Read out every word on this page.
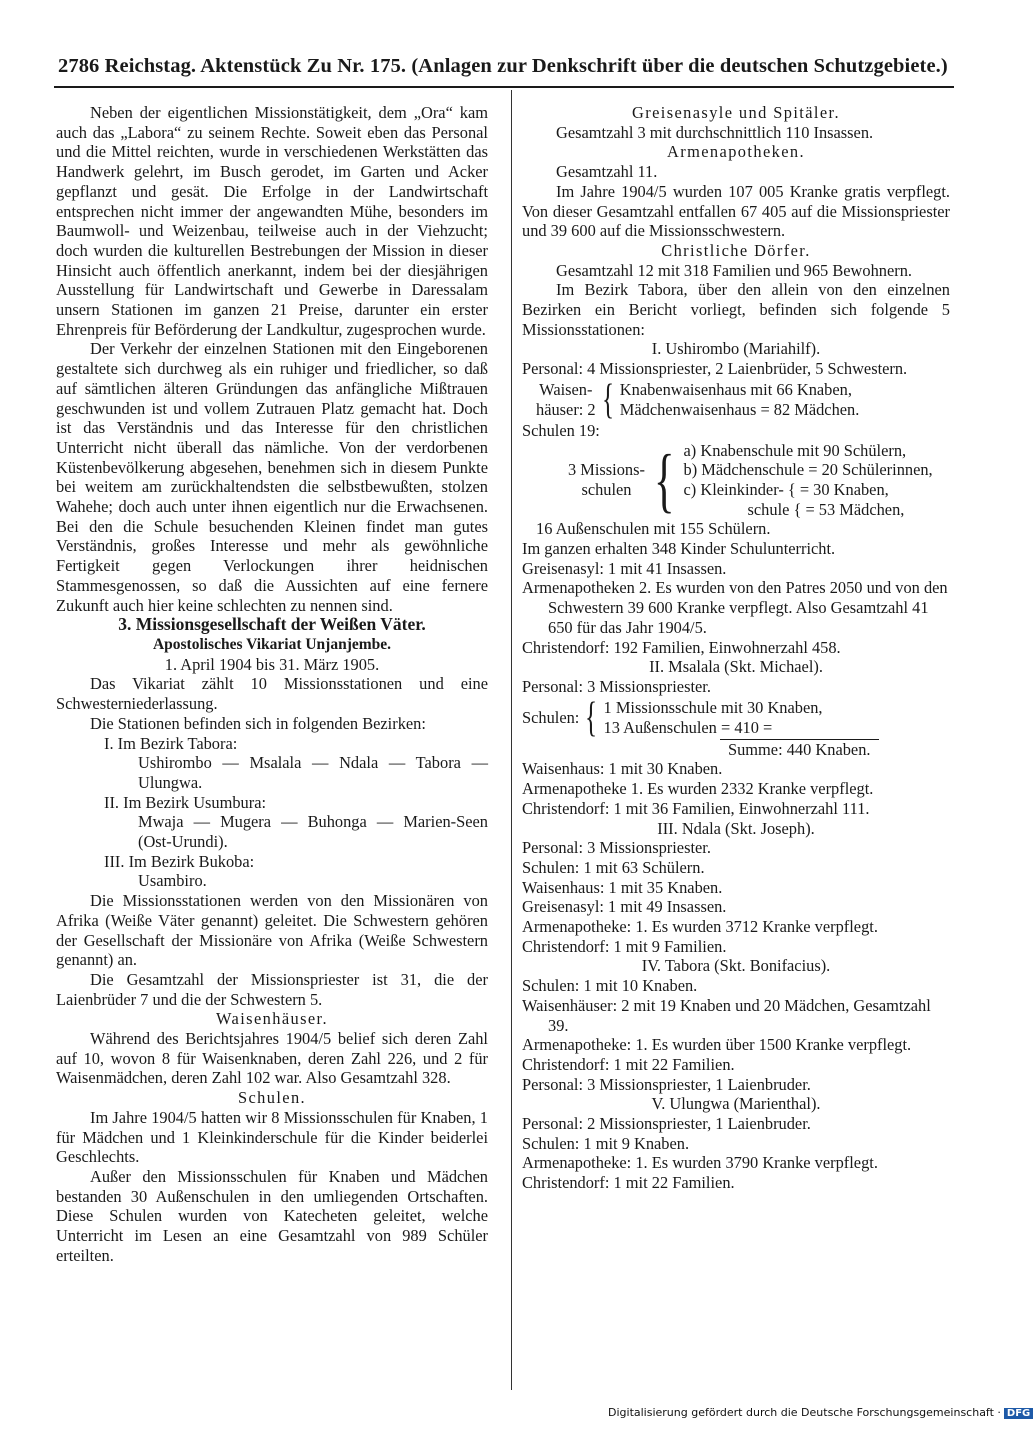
2786 Reichstag. Aktenstück Zu Nr. 175. (Anlagen zur Denkschrift über die deutschen Schutzgebiete.)

Neben der eigentlichen Missionstätigkeit, dem „Ora“ kam auch das „Labora“ zu seinem Rechte. Soweit eben das Personal und die Mittel reichten, wurde in verschiedenen Werkstätten das Handwerk gelehrt, im Busch gerodet, im Garten und Acker gepflanzt und gesät. Die Erfolge in der Landwirtschaft entsprechen nicht immer der angewandten Mühe, besonders im Baumwoll- und Weizenbau, teilweise auch in der Viehzucht; doch wurden die kulturellen Bestrebungen der Mission in dieser Hinsicht auch öffentlich anerkannt, indem bei der diesjährigen Ausstellung für Landwirtschaft und Gewerbe in Daressalam unsern Stationen im ganzen 21 Preise, darunter ein erster Ehrenpreis für Beförderung der Landkultur, zugesprochen wurde.

Der Verkehr der einzelnen Stationen mit den Eingeborenen gestaltete sich durchweg als ein ruhiger und friedlicher, so daß auf sämtlichen älteren Gründungen das anfängliche Mißtrauen geschwunden ist und vollem Zutrauen Platz gemacht hat. Doch ist das Verständnis und das Interesse für den christlichen Unterricht nicht überall das nämliche. Von der verdorbenen Küstenbevölkerung abgesehen, benehmen sich in diesem Punkte bei weitem am zurückhaltendsten die selbstbewußten, stolzen Wahehe; doch auch unter ihnen eigentlich nur die Erwachsenen. Bei den die Schule besuchenden Kleinen findet man gutes Verständnis, großes Interesse und mehr als gewöhnliche Fertigkeit gegen Verlockungen ihrer heidnischen Stammesgenossen, so daß die Aussichten auf eine fernere Zukunft auch hier keine schlechten zu nennen sind.

3. Missionsgesellschaft der Weißen Väter.

Apostolisches Vikariat Unjanjembe.

1. April 1904 bis 31. März 1905.

Das Vikariat zählt 10 Missionsstationen und eine Schwesterniederlassung.

Die Stationen befinden sich in folgenden Bezirken:

I. Im Bezirk Tabora:

Ushirombo — Msalala — Ndala — Tabora — Ulungwa.

II. Im Bezirk Usumbura:

Mwaja — Mugera — Buhonga — Marien-Seen (Ost-Urundi).

III. Im Bezirk Bukoba:

Usambiro.

Die Missionsstationen werden von den Missionären von Afrika (Weiße Väter genannt) geleitet. Die Schwestern gehören der Gesellschaft der Missionäre von Afrika (Weiße Schwestern genannt) an.

Die Gesamtzahl der Missionspriester ist 31, die der Laienbrüder 7 und die der Schwestern 5.

Waisenhäuser.

Während des Berichtsjahres 1904/5 belief sich deren Zahl auf 10, wovon 8 für Waisenknaben, deren Zahl 226, und 2 für Waisenmädchen, deren Zahl 102 war. Also Gesamtzahl 328.

Schulen.

Im Jahre 1904/5 hatten wir 8 Missionsschulen für Knaben, 1 für Mädchen und 1 Kleinkinderschule für die Kinder beiderlei Geschlechts.

Außer den Missionsschulen für Knaben und Mädchen bestanden 30 Außenschulen in den umliegenden Ortschaften. Diese Schulen wurden von Katecheten geleitet, welche Unterricht im Lesen an eine Gesamtzahl von 989 Schüler erteilten.

Greisenasyle und Spitäler.

Gesamtzahl 3 mit durchschnittlich 110 Insassen.

Armenapotheken.

Gesamtzahl 11.

Im Jahre 1904/5 wurden 107 005 Kranke gratis verpflegt. Von dieser Gesamtzahl entfallen 67 405 auf die Missionspriester und 39 600 auf die Missionsschwestern.

Christliche Dörfer.

Gesamtzahl 12 mit 318 Familien und 965 Bewohnern.

Im Bezirk Tabora, über den allein von den einzelnen Bezirken ein Bericht vorliegt, befinden sich folgende 5 Missionsstationen:

I. Ushirombo (Mariahilf).

Personal: 4 Missionspriester, 2 Laienbrüder, 5 Schwestern.

Waisen-
häuser: 2 { Knabenwaisenhaus mit 66 Knaben,
Mädchenwaisenhaus = 82 Mädchen.

Schulen 19:

3 Missions-
schulen { a) Knabenschule mit 90 Schülern,
b) Mädchenschule = 20 Schülerinnen,
c) Kleinkinder- { = 30 Knaben,
schule { = 53 Mädchen,

16 Außenschulen mit 155 Schülern.

Im ganzen erhalten 348 Kinder Schulunterricht.

Greisenasyl: 1 mit 41 Insassen.

Armenapotheken 2. Es wurden von den Patres 2050 und von den Schwestern 39 600 Kranke verpflegt. Also Gesamtzahl 41 650 für das Jahr 1904/5.

Christendorf: 192 Familien, Einwohnerzahl 458.

II. Msalala (Skt. Michael).

Personal: 3 Missionspriester.

Schulen: { 1 Missionsschule mit 30 Knaben,
13 Außenschulen = 410 =

Summe: 440 Knaben.

Waisenhaus: 1 mit 30 Knaben.

Armenapotheke 1. Es wurden 2332 Kranke verpflegt.

Christendorf: 1 mit 36 Familien, Einwohnerzahl 111.

III. Ndala (Skt. Joseph).

Personal: 3 Missionspriester.

Schulen: 1 mit 63 Schülern.

Waisenhaus: 1 mit 35 Knaben.

Greisenasyl: 1 mit 49 Insassen.

Armenapotheke: 1. Es wurden 3712 Kranke verpflegt.

Christendorf: 1 mit 9 Familien.

IV. Tabora (Skt. Bonifacius).

Schulen: 1 mit 10 Knaben.

Waisenhäuser: 2 mit 19 Knaben und 20 Mädchen, Gesamtzahl 39.

Armenapotheke: 1. Es wurden über 1500 Kranke verpflegt.

Christendorf: 1 mit 22 Familien.

Personal: 3 Missionspriester, 1 Laienbruder.

V. Ulungwa (Marienthal).

Personal: 2 Missionspriester, 1 Laienbruder.

Schulen: 1 mit 9 Knaben.

Armenapotheke: 1. Es wurden 3790 Kranke verpflegt.

Christendorf: 1 mit 22 Familien.

Digitalisierung gefördert durch die Deutsche Forschungsgemeinschaft · DFG
